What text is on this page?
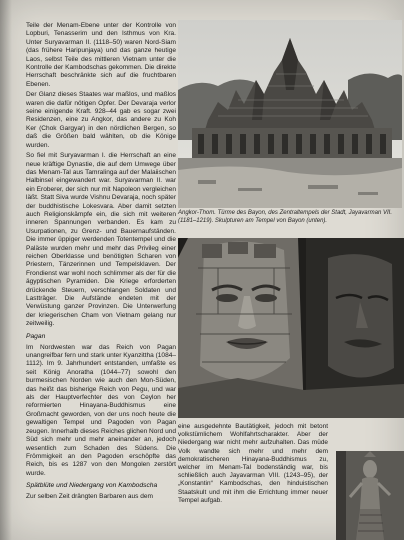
Teile der Menam-Ebene unter der Kontrolle von Lopburi, Tenasserim und den Isthmus von Kra. Unter Suryavarman II. (1118–50) waren Nord-Siam (das frühere Haripunjaya) und das ganze heutige Laos, selbst Teile des mittleren Vietnam unter die Kontrolle der Kambodschas gekommen. Die direkte Herrschaft beschränkte sich auf die fruchtbaren Ebenen.

Der Glanz dieses Staates war maßlos, und maßlos waren die dafür nötigen Opfer. Der Devaraja verlor seine einigende Kraft. 928–44 gab es sogar zwei Residenzen, eine zu Angkor, das andere zu Koh Ker (Chok Gargyar) in den nördlichen Bergen, so daß die Größen bald wählten, ob die Könige wurden.

So fiel mit Suryavarman I. die Herrschaft an eine neue kräftige Dynastie, die auf dem Umwege über das Menam-Tal aus Tamralinga auf der Malaiischen Halbinsel eingewandert war. Suryavarman II. war ein Eroberer, der sich nur mit Napoleon vergleichen läßt. Statt Siva wurde Vishnu Devaraja, noch später der buddhistische Lokesvara. Aber damit setzten auch Religionskämpfe ein, die sich mit weiteren inneren Spannungen verbanden. Es kam zu Usurpationen, zu Grenz- und Bauernaufständen. Die immer üppiger werdenden Totentempel und die Paläste wurden mehr und mehr das Privileg einer reichen Oberklasse und benötigten Scharen von Priestern, Tänzerinnen und Tempelsklaven. Der Frondienst war wohl noch schlimmer als der für die ägyptischen Pyramiden. Die Kriege erforderten drückende Steuern, verschlangen Soldaten und Lastträger. Die Aufstände endeten mit der Verwüstung ganzer Provinzen. Die Unterwerfung der kriegerischen Cham von Vietnam gelang nur zeitweilig.

Pagan

Im Nordwesten war das Reich von Pagan unangreifbar fern und stark unter Kyanzittha (1084–1112). Im 9. Jahrhundert entstanden, umfaßte es seit König Anoratha (1044–77) sowohl den burmesischen Norden wie auch den Mon-Süden, das heißt das bisherige Reich von Pegu, und war als der Hauptverfechter des von Ceylon her reformierten Hinayana-Buddhismus eine Großmacht geworden, von der uns noch heute die gewaltigen Tempel und Pagoden von Pagan zeugen. Innerhalb dieses Reiches glichen Nord und Süd sich mehr und mehr aneinander an, jedoch wesentlich zum Schaden des Südens. Die Frömmigkeit an den Pagoden erschöpfte das Reich, bis es 1287 von den Mongolen zerstört wurde.

Spätblüte und Niedergang von Kambodscha

Zur selben Zeit drängten Barbaren aus dem

Angkor-Thom. Türme des Bayon, des Zentraltempels der Stadt, Jayavarman VII. (1181–1219). Skulpturen am Tempel von Bayon (unten).

eine ausgedehnte Bautätigkeit, jedoch mit betont volkstümlichem Wohlfahrtscharakter. Aber der Niedergang war nicht mehr aufzuhalten. Das müde Volk wandte sich mehr und mehr dem demokratischeren Hinayana-Buddhismus zu, welcher im Menam-Tal bodenständig war, bis schließlich auch Jayavarman VIII. (1243–95), der „Konstantin“ Kambodschas, den hinduistischen Staatskult und mit ihm die Errichtung immer neuer Tempel aufgab.
